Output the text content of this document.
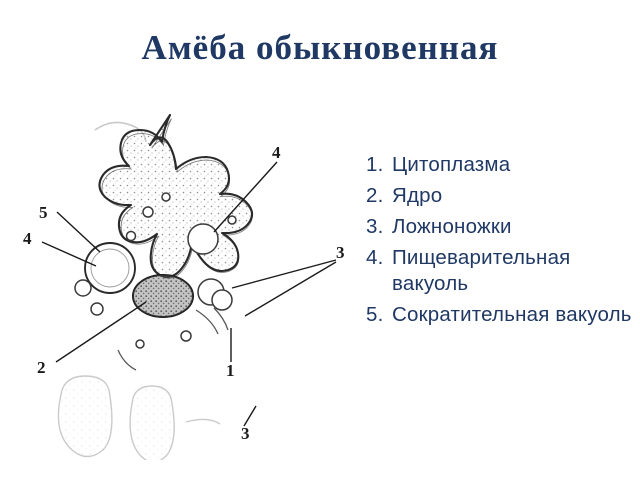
Амёба обыкновенная
4
5
4
3
2	1
3
1. Цитоплазма
2. Ядро
3. Ложноножки
4. Пищеварительная вакуоль
5. Сократительная вакуоль
